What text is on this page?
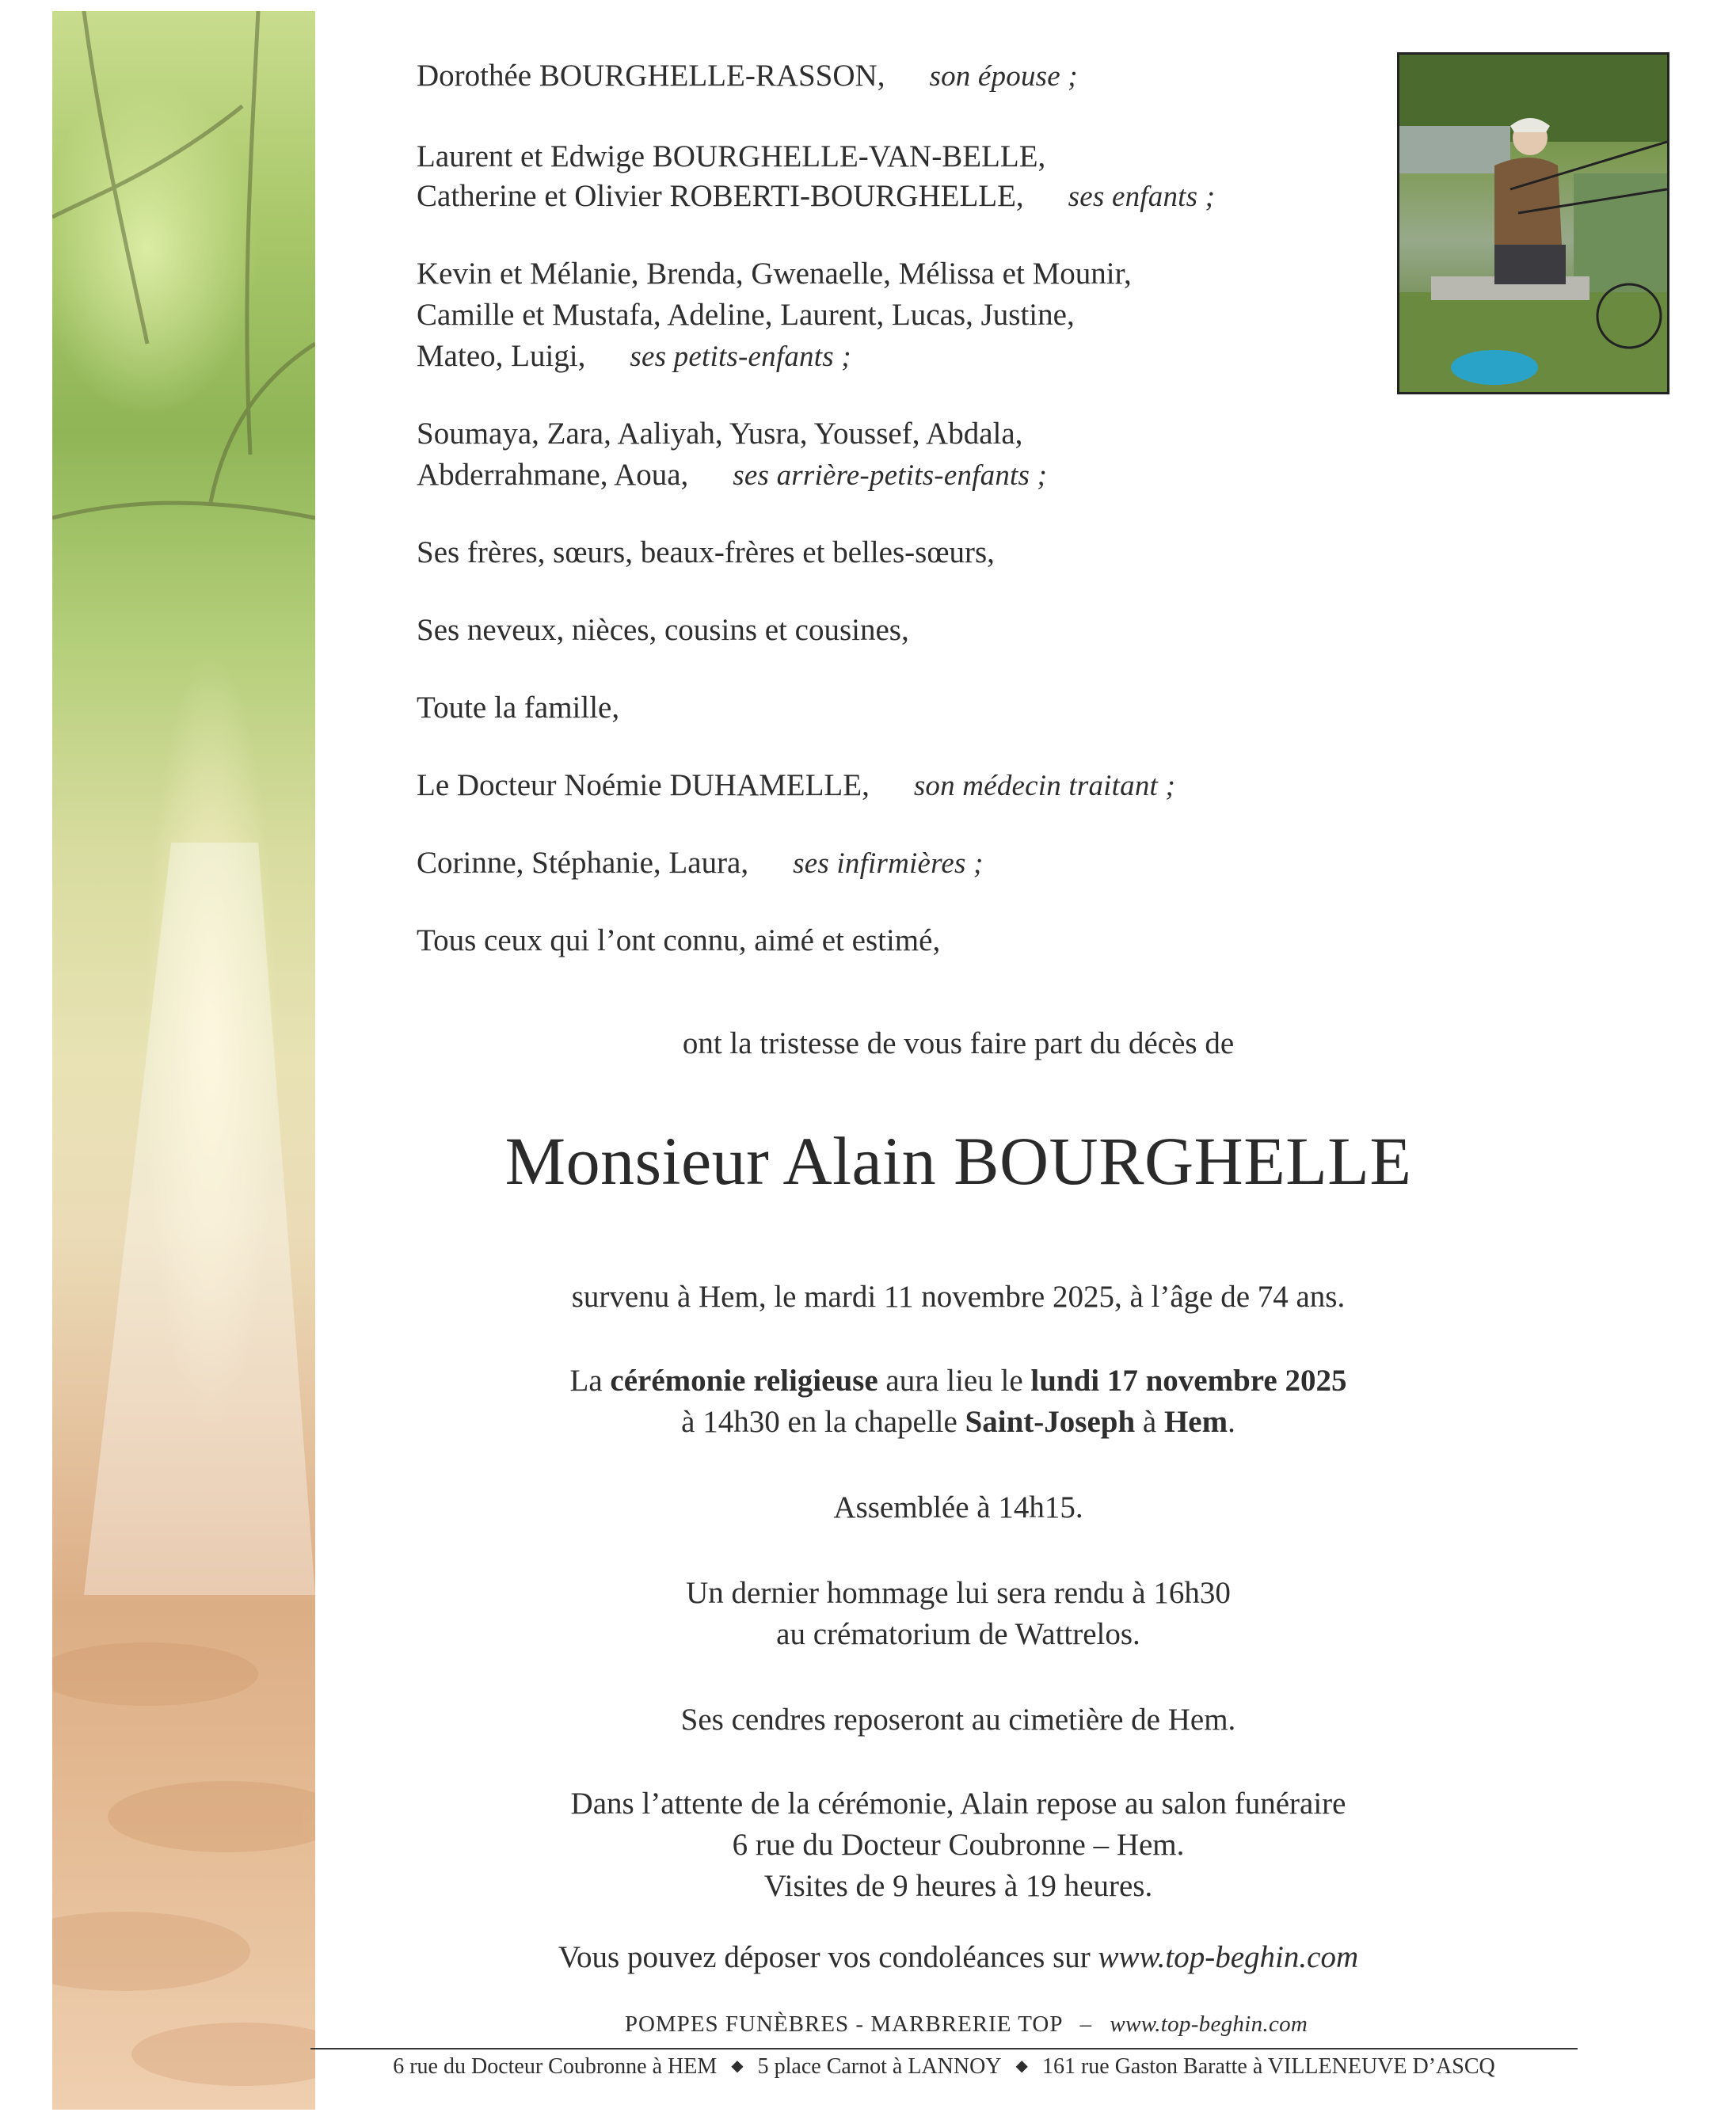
Dorothée BOURGHELLE-RASSON, son épouse ;
Laurent et Edwige BOURGHELLE-VAN-BELLE,
Catherine et Olivier ROBERTI-BOURGHELLE, ses enfants ;
Kevin et Mélanie, Brenda, Gwenaelle, Mélissa et Mounir,
Camille et Mustafa, Adeline, Laurent, Lucas, Justine,
Mateo, Luigi, ses petits-enfants ;
Soumaya, Zara, Aaliyah, Yusra, Youssef, Abdala,
Abderrahmane, Aoua, ses arrière-petits-enfants ;
Ses frères, sœurs, beaux-frères et belles-sœurs,
Ses neveux, nièces, cousins et cousines,
Toute la famille,
Le Docteur Noémie DUHAMELLE, son médecin traitant ;
Corinne, Stéphanie, Laura, ses infirmières ;
Tous ceux qui l’ont connu, aimé et estimé,
ont la tristesse de vous faire part du décès de
Monsieur Alain BOURGHELLE
survenu à Hem, le mardi 11 novembre 2025, à l’âge de 74 ans.
La cérémonie religieuse aura lieu le lundi 17 novembre 2025
à 14h30 en la chapelle Saint-Joseph à Hem.
Assemblée à 14h15.
Un dernier hommage lui sera rendu à 16h30
au crématorium de Wattrelos.
Ses cendres reposeront au cimetière de Hem.
Dans l’attente de la cérémonie, Alain repose au salon funéraire
6 rue du Docteur Coubronne – Hem.
Visites de 9 heures à 19 heures.
Vous pouvez déposer vos condoléances sur www.top-beghin.com
POMPES FUNÈBRES - MARBRERIE TOP – www.top-beghin.com
6 rue du Docteur Coubronne à HEM ◆ 5 place Carnot à LANNOY ◆ 161 rue Gaston Baratte à VILLENEUVE D’ASCQ
